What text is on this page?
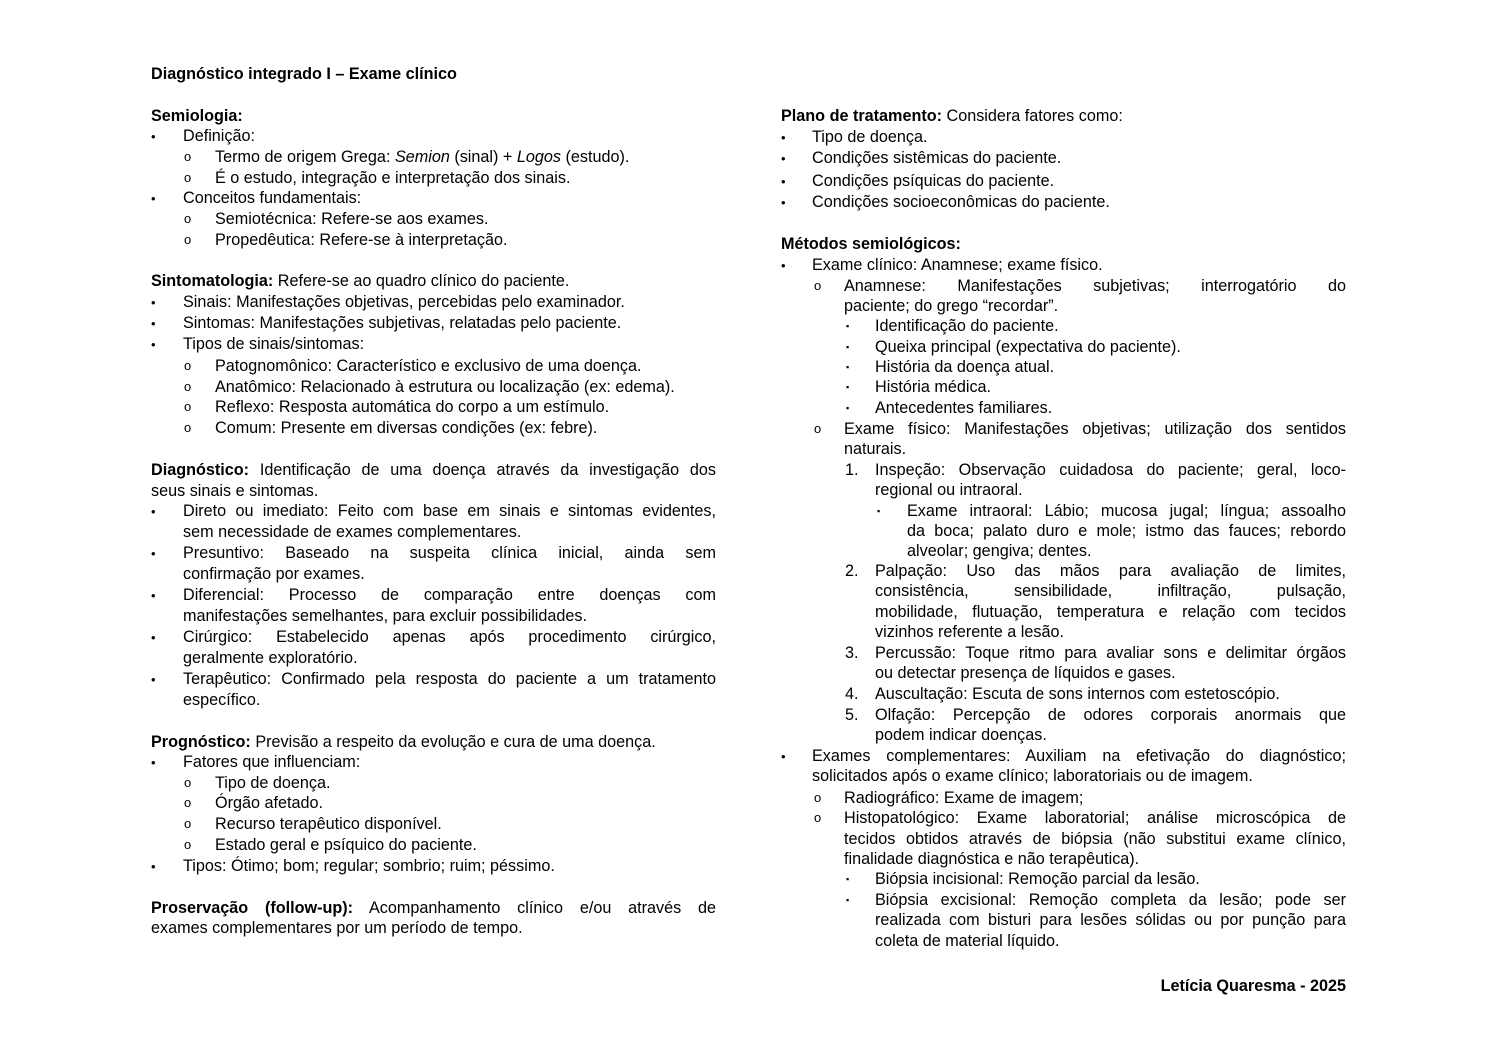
Diagnóstico integrado I – Exame clínico
Semiologia:
• Definição:
o Termo de origem Grega: Semion (sinal) + Logos (estudo).
o É o estudo, integração e interpretação dos sinais.
• Conceitos fundamentais:
o Semiotécnica: Refere-se aos exames.
o Propedêutica: Refere-se à interpretação.
Sintomatologia: Refere-se ao quadro clínico do paciente.
• Sinais: Manifestações objetivas, percebidas pelo examinador.
• Sintomas: Manifestações subjetivas, relatadas pelo paciente.
• Tipos de sinais/sintomas:
o Patognomônico: Característico e exclusivo de uma doença.
o Anatômico: Relacionado à estrutura ou localização (ex: edema).
o Reflexo: Resposta automática do corpo a um estímulo.
o Comum: Presente em diversas condições (ex: febre).
Diagnóstico: Identificação de uma doença através da investigação dos
seus sinais e sintomas.
• Direto ou imediato: Feito com base em sinais e sintomas evidentes,
sem necessidade de exames complementares.
• Presuntivo: Baseado na suspeita clínica inicial, ainda sem
confirmação por exames.
• Diferencial: Processo de comparação entre doenças com
manifestações semelhantes, para excluir possibilidades.
• Cirúrgico: Estabelecido apenas após procedimento cirúrgico,
geralmente exploratório.
• Terapêutico: Confirmado pela resposta do paciente a um tratamento
específico.
Prognóstico: Previsão a respeito da evolução e cura de uma doença.
• Fatores que influenciam:
o Tipo de doença.
o Órgão afetado.
o Recurso terapêutico disponível.
o Estado geral e psíquico do paciente.
• Tipos: Ótimo; bom; regular; sombrio; ruim; péssimo.
Proservação (follow-up): Acompanhamento clínico e/ou através de
exames complementares por um período de tempo.
Plano de tratamento: Considera fatores como:
• Tipo de doença.
• Condições sistêmicas do paciente.
• Condições psíquicas do paciente.
• Condições socioeconômicas do paciente.
Métodos semiológicos:
• Exame clínico: Anamnese; exame físico.
o Anamnese: Manifestações subjetivas; interrogatório do
paciente; do grego “recordar”.
▪ Identificação do paciente.
▪ Queixa principal (expectativa do paciente).
▪ História da doença atual.
▪ História médica.
▪ Antecedentes familiares.
o Exame físico: Manifestações objetivas; utilização dos sentidos
naturais.
1. Inspeção: Observação cuidadosa do paciente; geral, loco-
regional ou intraoral.
▪ Exame intraoral: Lábio; mucosa jugal; língua; assoalho
da boca; palato duro e mole; istmo das fauces; rebordo
alveolar; gengiva; dentes.
2. Palpação: Uso das mãos para avaliação de limites,
consistência, sensibilidade, infiltração, pulsação,
mobilidade, flutuação, temperatura e relação com tecidos
vizinhos referente a lesão.
3. Percussão: Toque ritmo para avaliar sons e delimitar órgãos
ou detectar presença de líquidos e gases.
4. Auscultação: Escuta de sons internos com estetoscópio.
5. Olfação: Percepção de odores corporais anormais que
podem indicar doenças.
• Exames complementares: Auxiliam na efetivação do diagnóstico;
solicitados após o exame clínico; laboratoriais ou de imagem.
o Radiográfico: Exame de imagem;
o Histopatológico: Exame laboratorial; análise microscópica de
tecidos obtidos através de biópsia (não substitui exame clínico,
finalidade diagnóstica e não terapêutica).
▪ Biópsia incisional: Remoção parcial da lesão.
▪ Biópsia excisional: Remoção completa da lesão; pode ser
realizada com bisturi para lesões sólidas ou por punção para
coleta de material líquido.
Letícia Quaresma - 2025
